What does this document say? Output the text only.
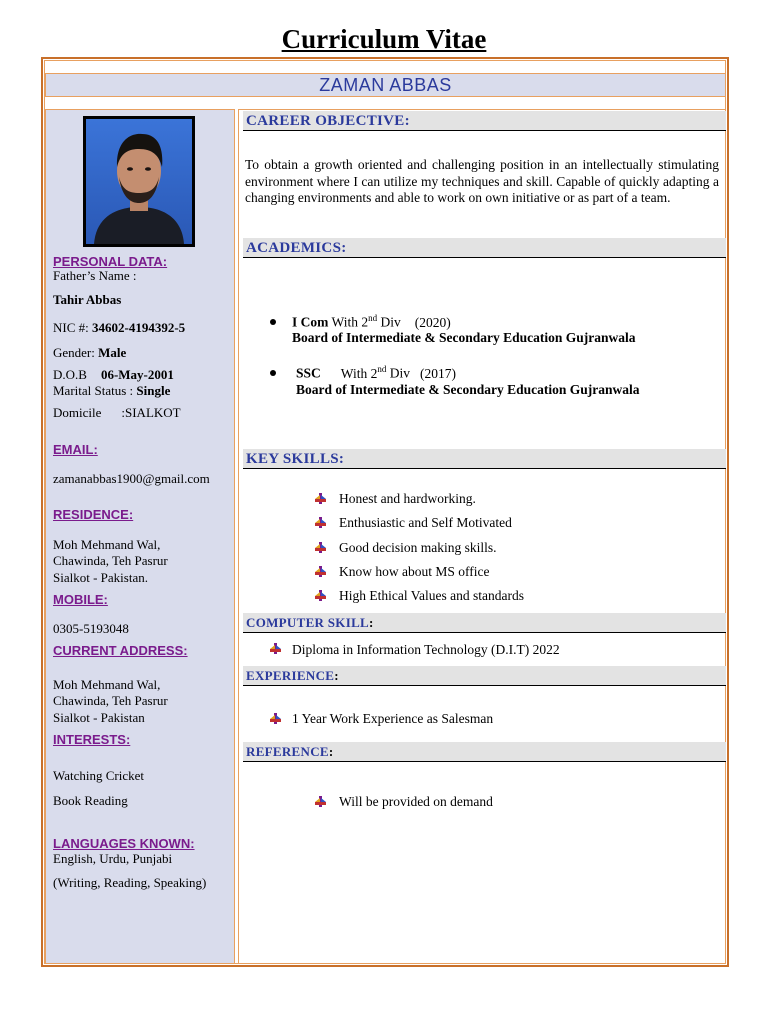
Curriculum Vitae
ZAMAN ABBAS
PERSONAL DATA:
Father’s Name :
Tahir Abbas
NIC #: 34602-4194392-5
Gender: Male
D.O.B 06-May-2001
Marital Status : Single
Domicile :SIALKOT
EMAIL:
zamanabbas1900@gmail.com
RESIDENCE:
Moh Mehmand Wal,
Chawinda, Teh Pasrur
Sialkot - Pakistan.
MOBILE:
0305-5193048
CURRENT ADDRESS:
Moh Mehmand Wal,
Chawinda, Teh Pasrur
Sialkot - Pakistan
INTERESTS:
Watching Cricket
Book Reading
LANGUAGES KNOWN:
English, Urdu, Punjabi
(Writing, Reading, Speaking)
CAREER OBJECTIVE:
To obtain a growth oriented and challenging position in an intellectually stimulating environment where I can utilize my techniques and skill. Capable of quickly adapting a changing environments and able to work on own initiative or as part of a team.
ACADEMICS:
I Com With 2nd Div (2020)
Board of Intermediate & Secondary Education Gujranwala
SSC With 2nd Div (2017)
Board of Intermediate & Secondary Education Gujranwala
KEY SKILLS:
Honest and hardworking.
Enthusiastic and Self Motivated
Good decision making skills.
Know how about MS office
High Ethical Values and standards
COMPUTER SKILL:
Diploma in Information Technology (D.I.T) 2022
EXPERIENCE:
1 Year Work Experience as Salesman
REFERENCE:
Will be provided on demand
